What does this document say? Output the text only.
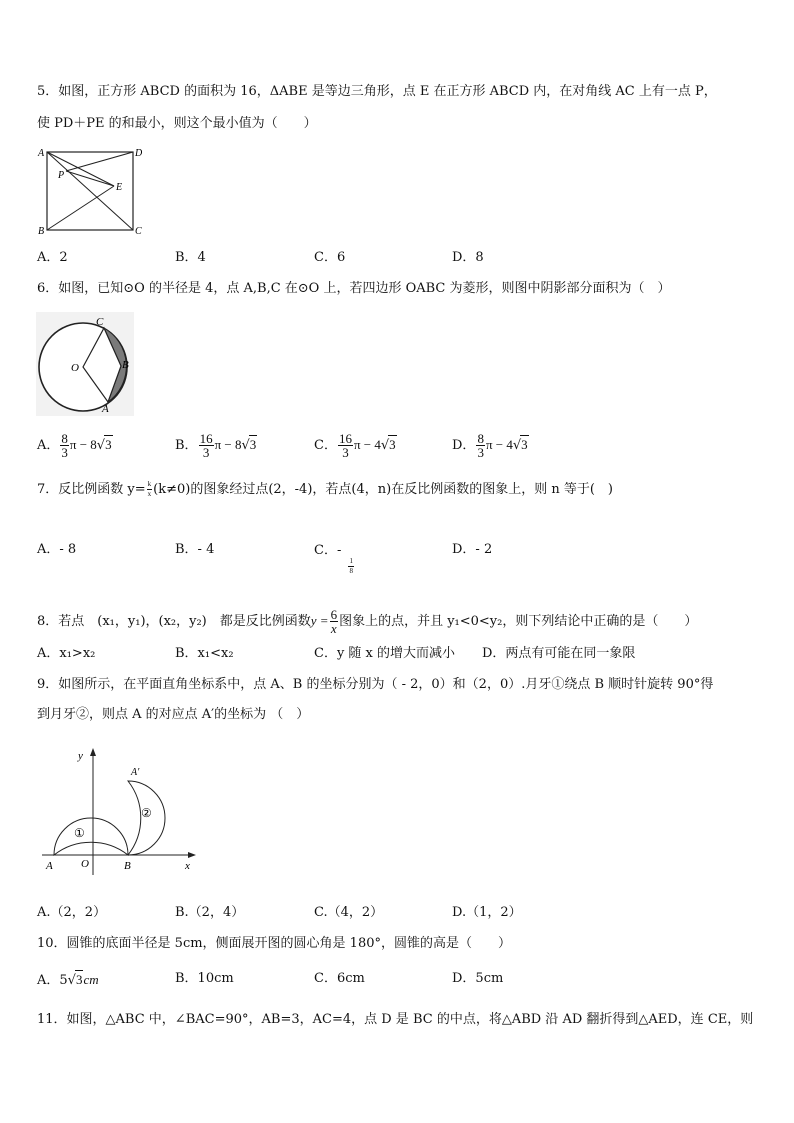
5．如图，正方形 ABCD 的面积为 16，ΔABE 是等边三角形，点 E 在正方形 ABCD 内，在对角线 AC 上有一点 P，
使 PD＋PE 的和最小，则这个最小值为（　　）
A	D
P
E
B	C
A．2	B．4	C．6	D．8
6．如图，已知⊙O 的半径是 4，点 A,B,C 在⊙O 上，若四边形 OABC 为菱形，则图中阴影部分面积为（　）
C
O	B
A
A． $\frac{8}{3}$ π − 8√3	B． $\frac{16}{3}$ π − 8√3	C． $\frac{16}{3}$ π − 4√3	D． $\frac{8}{3}$ π − 4√3
7．反比例函数 $y= \frac{k}{x} (k\ne 0)$的图象经过点(2，-4)，若点(4，n)在反比例函数的图象上，则 n 等于(　)
A．- 8	B．- 4	C．-
$\frac{1}{8}$
D．- 2
8．若点　(x₁，y₁)，(x₂，y₂)　都是反比例函数$y = \frac{6}{x}$ 图象上的点，并且 y₁<0<y₂，则下列结论中正确的是（　　）
A．x₁>x₂	B．x₁<x₂	C．y 随 x 的增大而减小 D．两点有可能在同一象限
9．如图所示，在平面直角坐标系中，点 A、B 的坐标分别为（ - 2，0）和（2，0）.月牙①绕点 B 顺时针旋转 90°得
到月牙②，则点 A 的对应点 A′的坐标为 （　）
y
A′
①
②
A	O	B	x
A.（2，2）	B.（2，4）	C.（4，2）	D.（1，2）
10．圆锥的底面半径是 5cm，侧面展开图的圆心角是 180°，圆锥的高是（　　）
A．5√3cm	B．10cm	C．6cm	D．5cm
11．如图，△ABC 中，∠BAC=90°，AB=3，AC=4，点 D 是 BC 的中点，将△ABD 沿 AD 翻折得到△AED，连 CE，则
